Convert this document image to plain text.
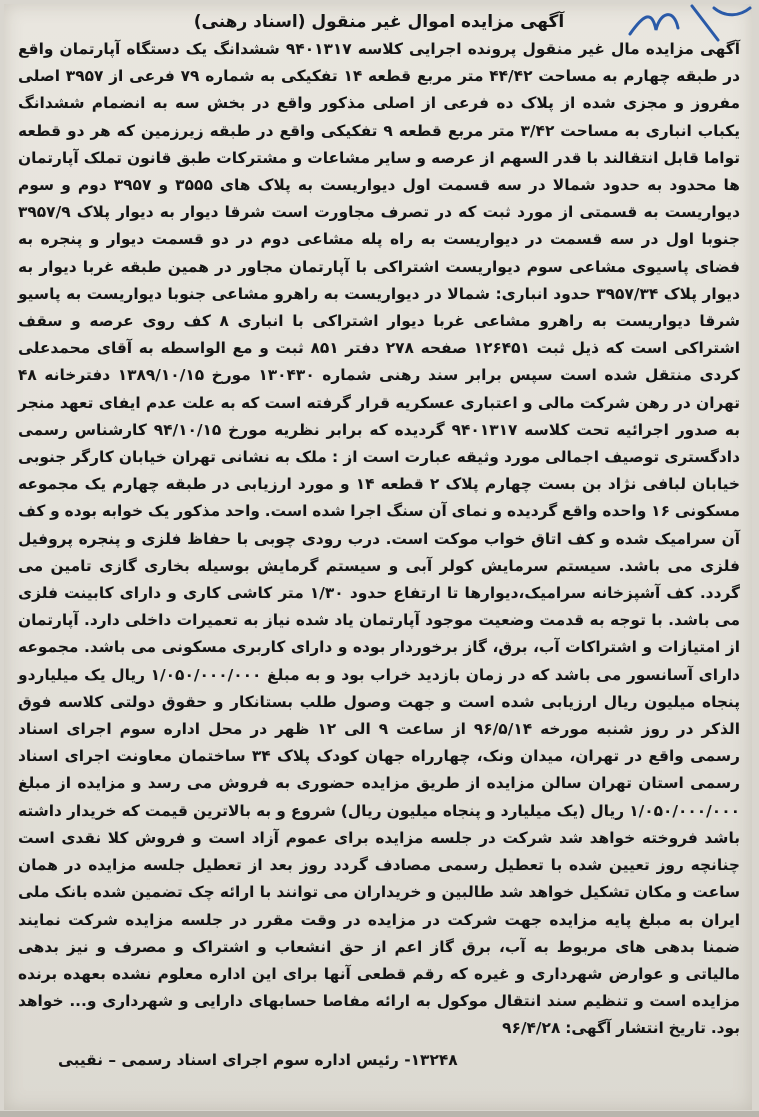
آگهی مزایده اموال غیر منقول (اسناد رهنی)

آگهی مزایده مال غیر منقول پرونده اجرایی کلاسه ۹۴۰۱۳۱۷ ششدانگ یک دستگاه آپارتمان واقع در طبقه چهارم به مساحت ۴۴/۴۲ متر مربع قطعه ۱۴ تفکیکی به شماره ۷۹ فرعی از ۳۹۵۷ اصلی مفروز و مجزی شده از پلاک ده فرعی از اصلی مذکور واقع در بخش سه به انضمام ششدانگ یکباب انباری به مساحت ۳/۴۲ متر مربع قطعه ۹ تفکیکی واقع در طبقه زیرزمین که هر دو قطعه تواما قابل انتقالند با قدر السهم از عرصه و سایر مشاعات و مشترکات طبق قانون تملک آپارتمان ها محدود به حدود شمالا در سه قسمت اول دیواریست به پلاک های ۳۵۵۵ و ۳۹۵۷ دوم و سوم دیواریست به قسمتی از مورد ثبت که در تصرف مجاورت است شرقا دیوار به دیوار پلاک ۳۹۵۷/۹ جنوبا اول در سه قسمت در دیواریست به راه پله مشاعی دوم در دو قسمت دیوار و پنجره به فضای پاسیوی مشاعی سوم دیواریست اشتراکی با آپارتمان مجاور در همین طبقه غربا دیوار به دیوار پلاک ۳۹۵۷/۳۴ حدود انباری: شمالا در دیواریست به راهرو مشاعی جنوبا دیواریست به پاسیو شرقا دیواریست به راهرو مشاعی غربا دیوار اشتراکی با انباری ۸ کف روی عرصه و سقف اشتراکی است که ذیل ثبت ۱۲۶۴۵۱ صفحه ۲۷۸ دفتر ۸۵۱ ثبت و مع الواسطه به آقای محمدعلی کردی منتقل شده است سپس برابر سند رهنی شماره ۱۳۰۴۳۰ مورخ ۱۳۸۹/۱۰/۱۵ دفترخانه ۴۸ تهران در رهن شرکت مالی و اعتباری عسکریه قرار گرفته است که به علت عدم ایفای تعهد منجر به صدور اجرائیه تحت کلاسه ۹۴۰۱۳۱۷ گردیده که برابر نظریه مورخ ۹۴/۱۰/۱۵ کارشناس رسمی دادگستری توصیف اجمالی مورد وثیقه عبارت است از : ملک به نشانی تهران خیابان کارگر جنوبی خیابان لبافی نژاد بن بست چهارم پلاک ۲ قطعه ۱۴ و مورد ارزیابی در طبقه چهارم یک مجموعه مسکونی ۱۶ واحده واقع گردیده و نمای آن سنگ اجرا شده است. واحد مذکور یک خوابه بوده و کف آن سرامیک شده و کف اتاق خواب موکت است. درب رودی چوبی با حفاظ فلزی و پنجره پروفیل فلزی می باشد. سیستم سرمایش کولر آبی و سیستم گرمایش بوسیله بخاری گازی تامین می گردد. کف آشپزخانه سرامیک،دیوارها تا ارتفاع حدود ۱/۳۰ متر کاشی کاری و دارای کابینت فلزی می باشد. با توجه به قدمت وضعیت موجود آپارتمان یاد شده نیاز به تعمیرات داخلی دارد. آپارتمان از امتیازات و اشتراکات آب، برق، گاز برخوردار بوده و دارای کاربری مسکونی می باشد. مجموعه دارای آسانسور می باشد که در زمان بازدید خراب بود و به مبلغ ۱/۰۵۰/۰۰۰/۰۰۰ ریال یک میلیاردو پنجاه میلیون ریال ارزیابی شده است و جهت وصول طلب بستانکار و حقوق دولتی کلاسه فوق الذکر در روز شنبه مورخه ۹۶/۵/۱۴ از ساعت ۹ الی ۱۲ ظهر در محل اداره سوم اجرای اسناد رسمی واقع در تهران، میدان ونک، چهارراه جهان کودک پلاک ۳۴ ساختمان معاونت اجرای اسناد رسمی استان تهران سالن مزایده از طریق مزایده حضوری به فروش می رسد و مزایده از مبلغ ۱/۰۵۰/۰۰۰/۰۰۰ ریال (یک میلیارد و پنجاه میلیون ریال) شروع و به بالاترین قیمت که خریدار داشته باشد فروخته خواهد شد شرکت در جلسه مزایده برای عموم آزاد است و فروش کلا نقدی است چنانچه روز تعیین شده با تعطیل رسمی مصادف گردد روز بعد از تعطیل جلسه مزایده در همان ساعت و مکان تشکیل خواهد شد طالبین و خریداران می توانند با ارائه چک تضمین شده بانک ملی ایران به مبلغ پایه مزایده جهت شرکت در مزایده در وقت مقرر در جلسه مزایده شرکت نمایند ضمنا بدهی های مربوط به آب، برق گاز اعم از حق انشعاب و اشتراک و مصرف و نیز بدهی مالیاتی و عوارض شهرداری و غیره که رقم قطعی آنها برای این اداره معلوم نشده بعهده برنده مزایده است و تنظیم سند انتقال موکول به ارائه مفاصا حسابهای دارایی و شهرداری و... خواهد بود. تاریخ انتشار آگهی: ۹۶/۴/۲۸

۱۳۲۴۸- رئیس اداره سوم اجرای اسناد رسمی – نقیبی
